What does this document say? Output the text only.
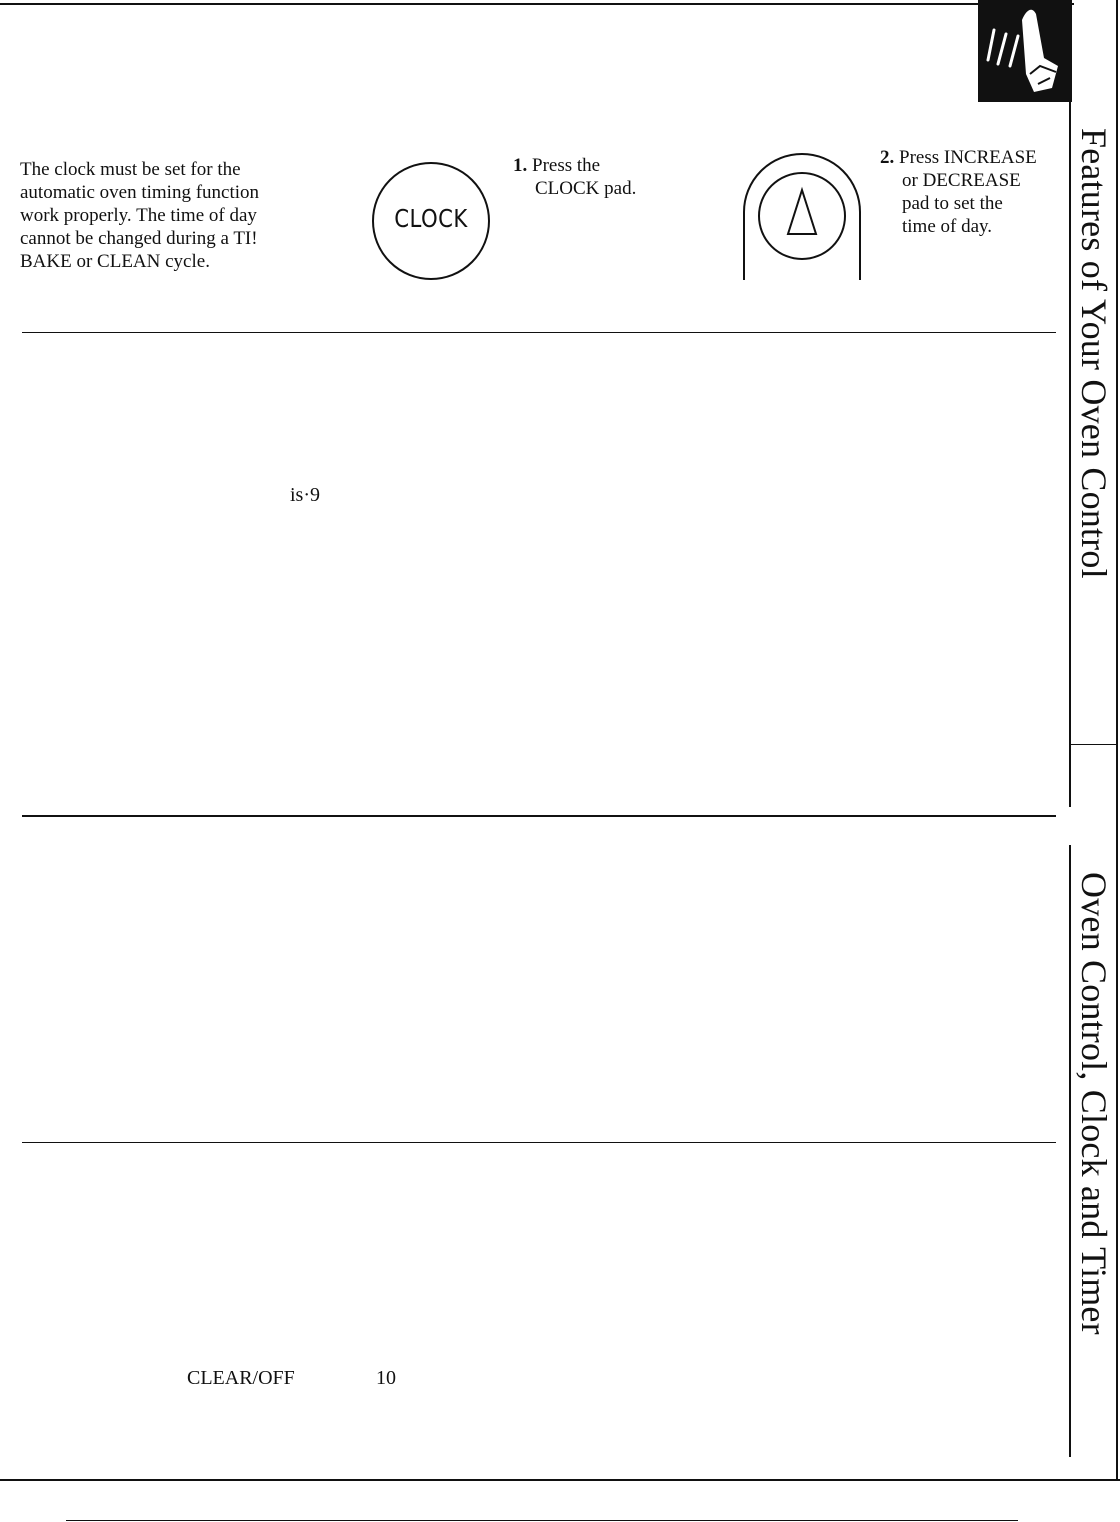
The clock must be set for the
automatic oven timing function
work properly. The time of day
cannot be changed during a TI!
BAKE or CLEAN cycle.
CLOCK
1. Press the
CLOCK pad.
2. Press INCREASE
or DECREASE
pad to set the
time of day.
is·9
CLEAR/OFF	10
Features of Your Oven Control
Oven Control, Clock and Timer
